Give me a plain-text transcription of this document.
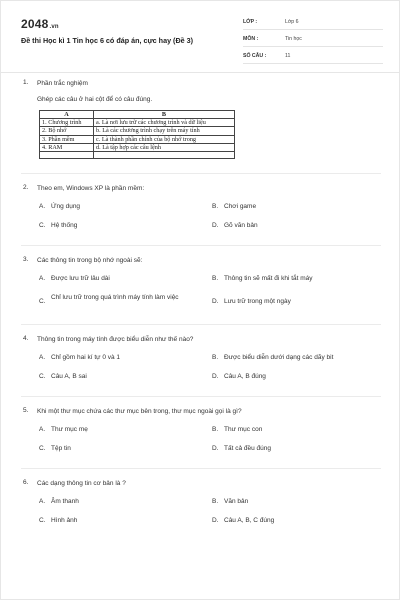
2048.vn
Đề thi Học kì 1 Tin học 6 có đáp án, cực hay (Đề 3)
LỚP :	Lớp 6
MÔN :	Tin học
SỐ CÂU :	11
1. Phần trắc nghiệm
Ghép các câu ở hai cột để có câu đúng.
A	B
1. Chương trình	a. Là nơi lưu trữ các chương trình và dữ liệu
2. Bộ nhớ	b. Là các chương trình chạy trên máy tính
3. Phần mềm	c. Là thành phần chính của bộ nhớ trong
4. RAM	d. Là tập hợp các câu lệnh

2. Theo em, Windows XP là phần mềm:
A. Ứng dụng	B. Chơi game
C. Hệ thống	D. Gõ văn bản
3. Các thông tin trong bộ nhớ ngoài sẽ:
A. Được lưu trữ lâu dài	B. Thông tin sẽ mất đi khi tắt máy
C.
Chỉ lưu trữ trong quá trình máy tính làm việc
D. Lưu trữ trong một ngày
4. Thông tin trong máy tính được biểu diễn như thế nào?
A. Chỉ gồm hai kí tự 0 và 1	B. Được biểu diễn dưới dạng các dãy bit
C. Câu A, B sai	D. Câu A, B đúng
5. Khi một thư mục chứa các thư mục bên trong, thư mục ngoài gọi là gì?
A. Thư mục mẹ	B. Thư mục con
C. Tệp tin	D. Tất cả đều đúng
6. Các dạng thông tin cơ bản là ?
A. Âm thanh	B. Văn bản
C. Hình ảnh	D. Câu A, B, C đúng
